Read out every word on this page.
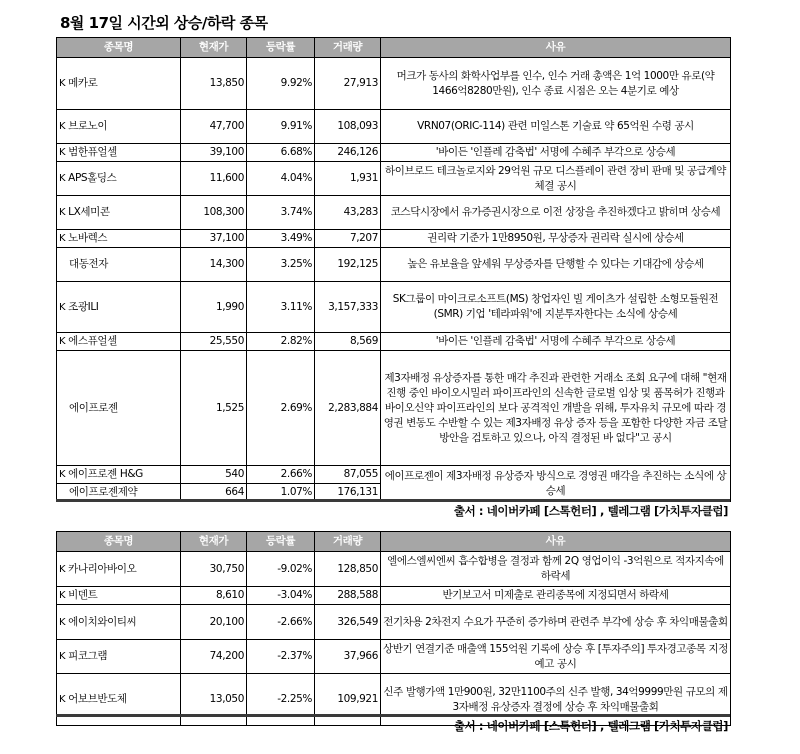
8월 17일 시간외 상승/하락 종목
종목명	현재가	등락률	거래량	사유
K 메카로	13,850	9.92%	27,913	머크가 동사의 화학사업부를 인수, 인수 거래 총액은 1억 1000만 유로(약 1466억8280만원), 인수 종료 시점은 오는 4분기로 예상
K 브로노이	47,700	9.91%	108,093	VRN07(ORIC-114) 관련 미일스톤 기술료 약 65억원 수령 공시
K 범한퓨얼셀	39,100	6.68%	246,126	'바이든 '인플레 감축법' 서명에 수혜주 부각으로 상승세
K APS홀딩스	11,600	4.04%	1,931	하이브로드 테크놀로지와 29억원 규모 디스플레이 관련 장비 판매 및 공급계약 체결 공시
K LX세미콘	108,300	3.74%	43,283	코스닥시장에서 유가증권시장으로 이전 상장을 추진하겠다고 밝히며 상승세
K 노바렉스	37,100	3.49%	7,207	권리락 기준가 1만8950원, 무상증자 권리락 실시에 상승세
대동전자	14,300	3.25%	192,125	높은 유보율을 앞세워 무상증자를 단행할 수 있다는 기대감에 상승세
K 조광ILI	1,990	3.11%	3,157,333	SK그룹이 마이크로소프트(MS) 창업자인 빌 게이츠가 설립한 소형모듈원전(SMR) 기업 '테라파워'에 지분투자한다는 소식에 상승세
K 에스퓨얼셀	25,550	2.82%	8,569	'바이든 '인플레 감축법' 서명에 수혜주 부각으로 상승세
에이프로젠	1,525	2.69%	2,283,884	제3자배정 유상증자를 통한 매각 추진과 관련한 거래소 조회 요구에 대해 "현재 진행 중인 바이오시밀러 파이프라인의 신속한 글로벌 임상 및 품목허가 진행과 바이오신약 파이프라인의 보다 공격적인 개발을 위해, 투자유치 규모에 따라 경영권 변동도 수반할 수 있는 제3자배정 유상 증자 등을 포함한 다양한 자금 조달 방안을 검토하고 있으나, 아직 결정된 바 없다"고 공시
K 에이프로젠 H&G	540	2.66%	87,055	에이프로젠이 제3자배정 유상증자 방식으로 경영권 매각을 추진하는 소식에 상승세
에이프로젠제약	664	1.07%	176,131	
출서 : 네이버카페 [스톡헌터] , 텔레그램 [가치투자클럽]
종목명	현재가	등락률	거래량	사유
K 카나리아바이오	30,750	-9.02%	128,850	엘에스엘씨엔씨 흡수합병을 결정과 함께 2Q 영업이익 -3억원으로 적자지속에 하락세
K 비덴트	8,610	-3.04%	288,588	반기보고서 미제출로 관리종목에 지정되면서 하락세
K 에이치와이티씨	20,100	-2.66%	326,549	전기차용 2차전지 수요가 꾸준히 증가하며 관련주 부각에 상승 후 차익매물출회
K 피코그램	74,200	-2.37%	37,966	상반기 연결기준 매출액 155억원 기록에 상승 후 [투자주의] 투자경고종목 지정예고 공시
K 어보브반도체	13,050	-2.25%	109,921	신주 발행가액 1만900원, 32만1100주의 신주 발행, 34억9999만원 규모의 제3자배정 유상증자 결정에 상승 후 차익매물출회
출서 : 네이버카페 [스톡헌터] , 텔레그램 [가치투자클럽]
